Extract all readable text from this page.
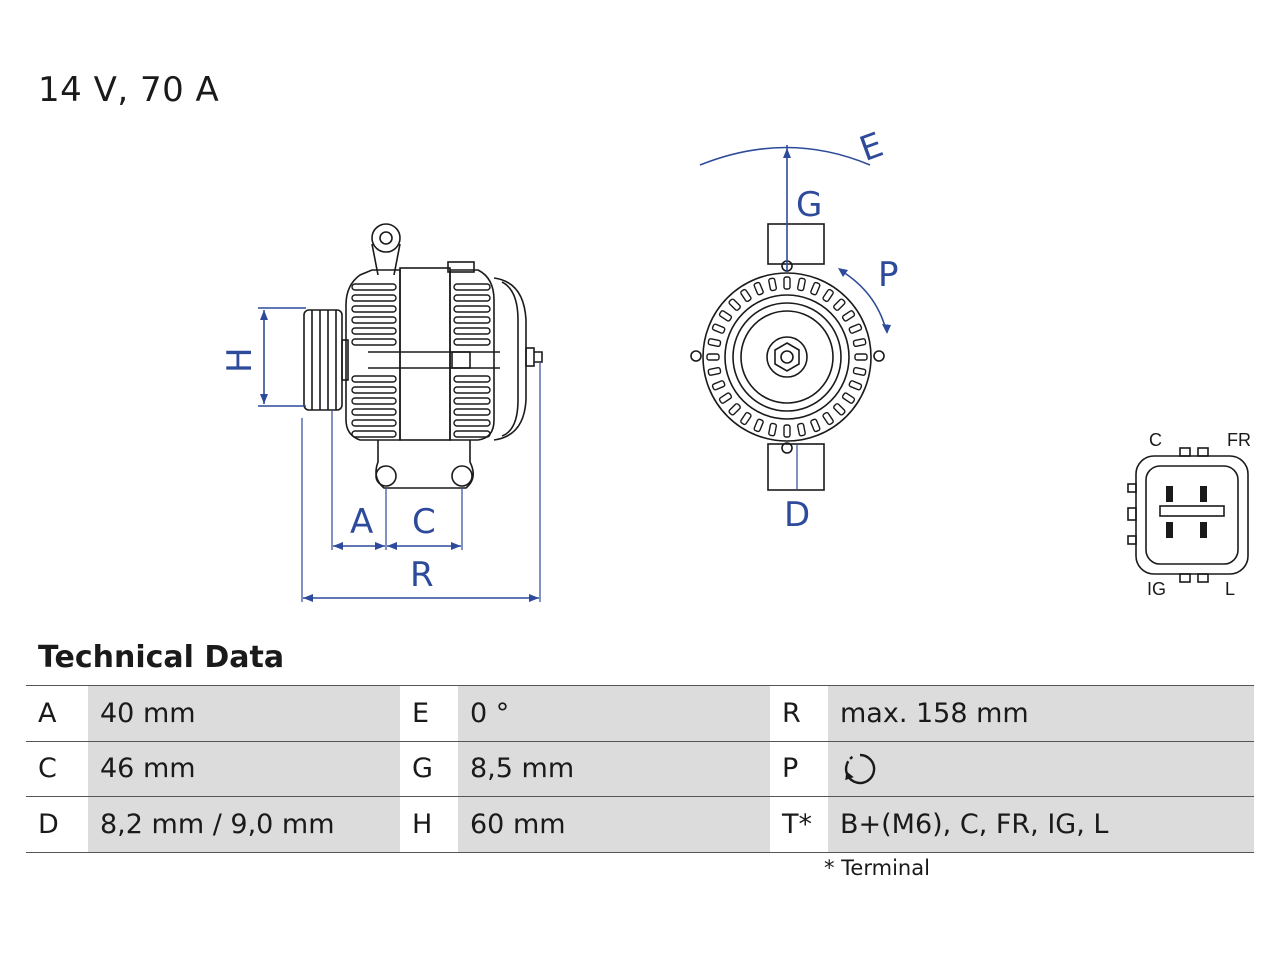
14 V, 70 A
H
A C
R
E
G
P
D
C	FR
IG	L
Technical Data
A	40 mm	E	0 °	R	max. 158 mm
C	46 mm	G	8,5 mm	P	
D	8,2 mm / 9,0 mm	H	60 mm	T*	B+(M6), C, FR, IG, L
* Terminal
